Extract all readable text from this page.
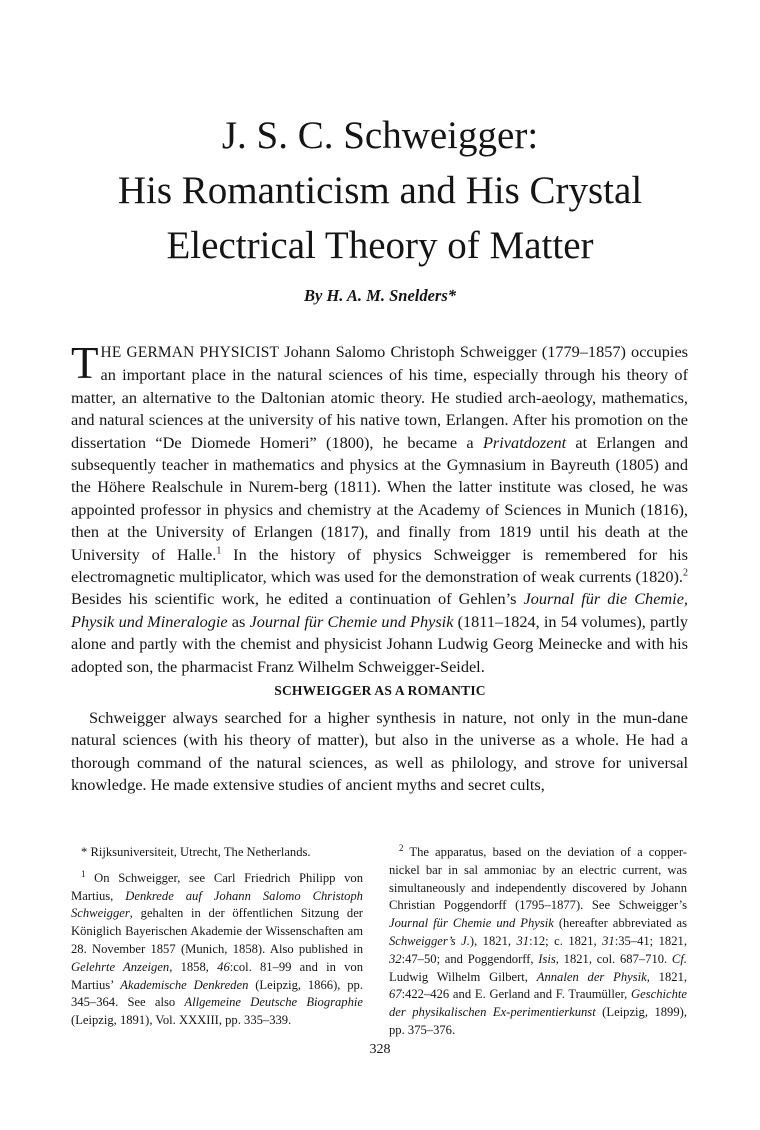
J. S. C. Schweigger:
His Romanticism and His Crystal
Electrical Theory of Matter
By H. A. M. Snelders*
THE GERMAN PHYSICIST Johann Salomo Christoph Schweigger (1779–1857) occupies an important place in the natural sciences of his time, especially through his theory of matter, an alternative to the Daltonian atomic theory. He studied arch-aeology, mathematics, and natural sciences at the university of his native town, Erlangen. After his promotion on the dissertation “De Diomede Homeri” (1800), he became a Privatdozent at Erlangen and subsequently teacher in mathematics and physics at the Gymnasium in Bayreuth (1805) and the Höhere Realschule in Nurem-berg (1811). When the latter institute was closed, he was appointed professor in physics and chemistry at the Academy of Sciences in Munich (1816), then at the University of Erlangen (1817), and finally from 1819 until his death at the University of Halle.$^1$ In the history of physics Schweigger is remembered for his electromagnetic multiplicator, which was used for the demonstration of weak currents (1820).$^2$ Besides his scientific work, he edited a continuation of Gehlen’s Journal für die Chemie, Physik und Mineralogie as Journal für Chemie und Physik (1811–1824, in 54 volumes), partly alone and partly with the chemist and physicist Johann Ludwig Georg Meinecke and with his adopted son, the pharmacist Franz Wilhelm Schweigger-Seidel.
SCHWEIGGER AS A ROMANTIC
Schweigger always searched for a higher synthesis in nature, not only in the mun-dane natural sciences (with his theory of matter), but also in the universe as a whole. He had a thorough command of the natural sciences, as well as philology, and strove for universal knowledge. He made extensive studies of ancient myths and secret cults,

* Rijksuniversiteit, Utrecht, The Netherlands.

$^1$ On Schweigger, see Carl Friedrich Philipp von Martius, Denkrede auf Johann Salomo Christoph Schweigger, gehalten in der öffentlichen Sitzung der Königlich Bayerischen Akademie der Wissenschaften am 28. November 1857 (Munich, 1858). Also published in Gelehrte Anzeigen, 1858, 46:col. 81–99 and in von Martius’ Akademische Denkreden (Leipzig, 1866), pp. 345–364. See also Allgemeine Deutsche Biographie (Leipzig, 1891), Vol. XXXIII, pp. 335–339.

$^2$ The apparatus, based on the deviation of a copper-nickel bar in sal ammoniac by an electric current, was simultaneously and independently discovered by Johann Christian Poggendorff (1795–1877). See Schweigger’s Journal für Chemie und Physik (hereafter abbreviated as Schweigger’s J.), 1821, 31:12; c. 1821, 31:35–41; 1821, 32:47–50; and Poggendorff, Isis, 1821, col. 687–710. Cf. Ludwig Wilhelm Gilbert, Annalen der Physik, 1821, 67:422–426 and E. Gerland and F. Traumüller, Geschichte der physikalischen Ex-perimentierkunst (Leipzig, 1899), pp. 375–376.

328
